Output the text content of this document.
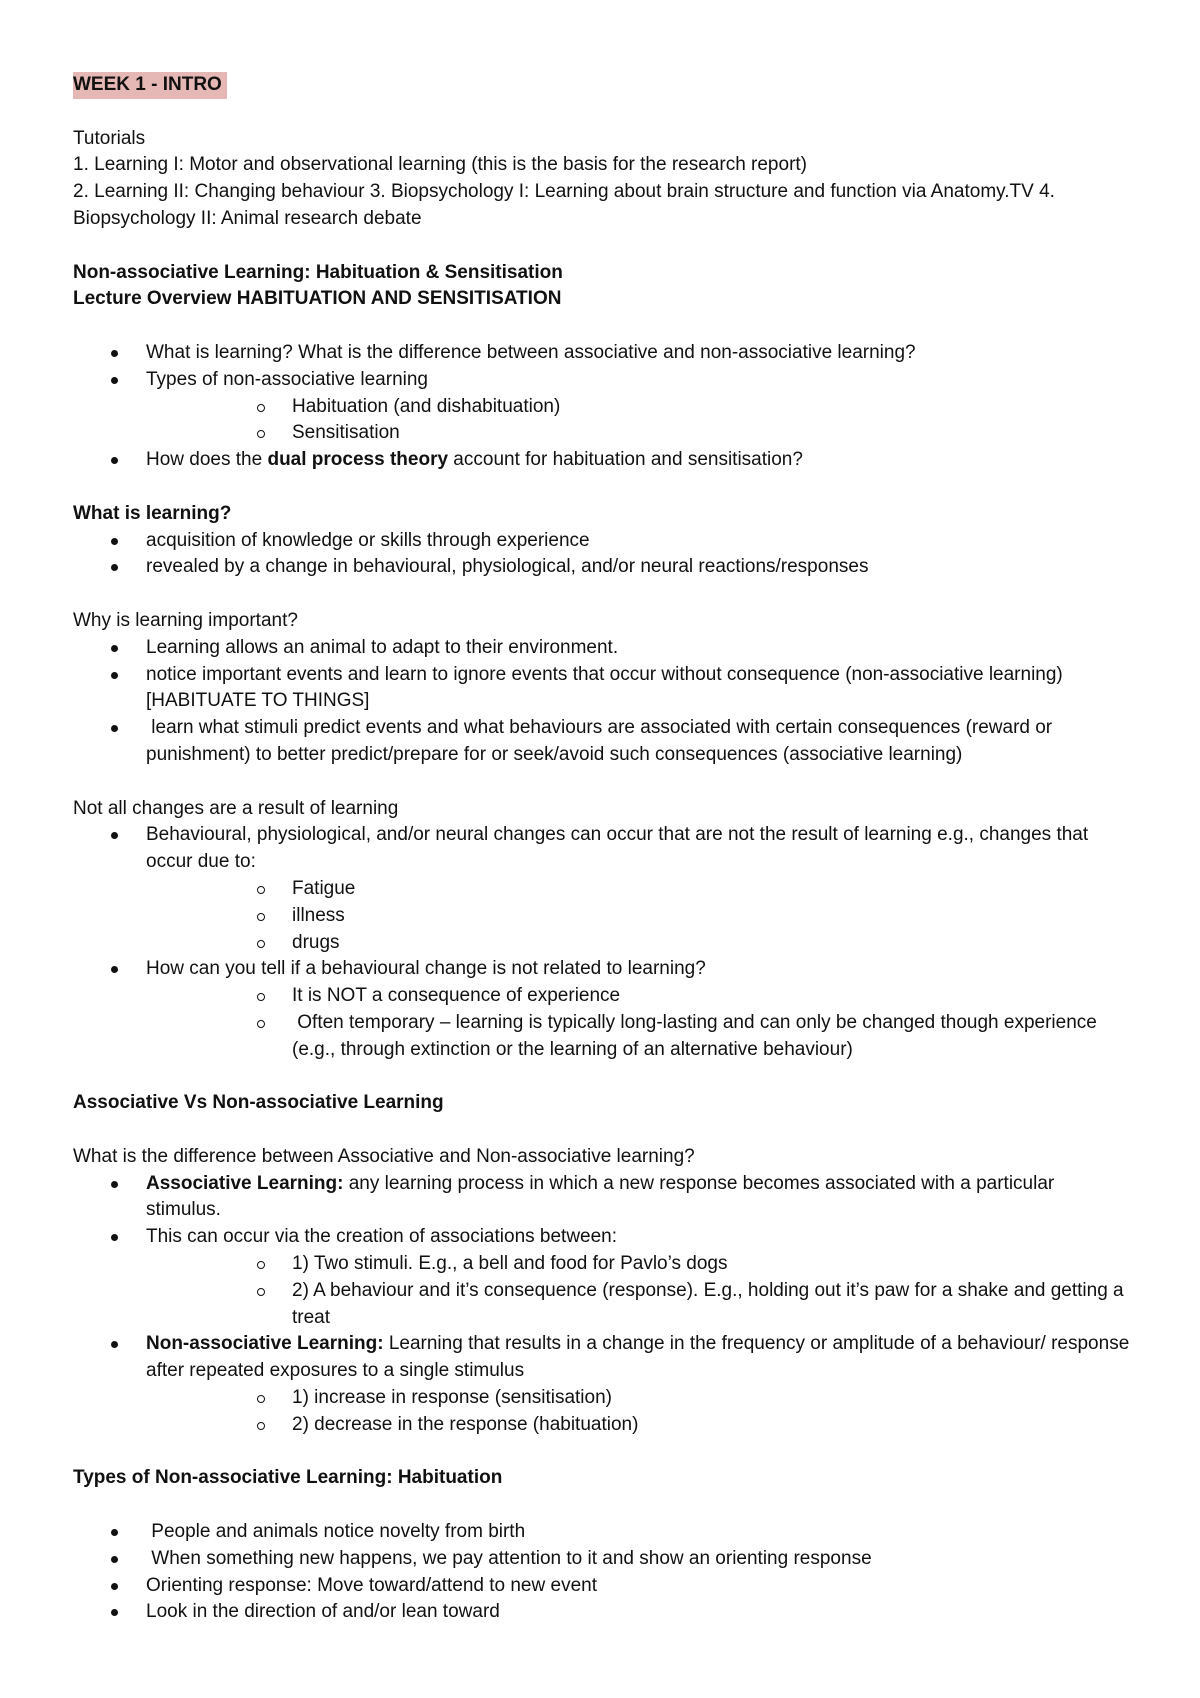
WEEK 1 - INTRO

Tutorials

1. Learning I: Motor and observational learning (this is the basis for the research report)

2. Learning II: Changing behaviour 3. Biopsychology I: Learning about brain structure and function via Anatomy.TV 4.

Biopsychology II: Animal research debate

Non-associative Learning: Habituation & Sensitisation

Lecture Overview HABITUATION AND SENSITISATION

What is learning? What is the difference between associative and non-associative learning?
Types of non-associative learning
Habituation (and dishabituation)
Sensitisation
How does the dual process theory account for habituation and sensitisation?

What is learning?

acquisition of knowledge or skills through experience
revealed by a change in behavioural, physiological, and/or neural reactions/responses

Why is learning important?

Learning allows an animal to adapt to their environment.
notice important events and learn to ignore events that occur without consequence (non-associative learning) [HABITUATE TO THINGS]
learn what stimuli predict events and what behaviours are associated with certain consequences (reward or punishment) to better predict/prepare for or seek/avoid such consequences (associative learning)

Not all changes are a result of learning

Behavioural, physiological, and/or neural changes can occur that are not the result of learning e.g., changes that occur due to:
Fatigue
illness
drugs
How can you tell if a behavioural change is not related to learning?
It is NOT a consequence of experience
Often temporary – learning is typically long-lasting and can only be changed though experience (e.g., through extinction or the learning of an alternative behaviour)

Associative Vs Non-associative Learning

What is the difference between Associative and Non-associative learning?

Associative Learning: any learning process in which a new response becomes associated with a particular stimulus.
This can occur via the creation of associations between:
1) Two stimuli. E.g., a bell and food for Pavlo’s dogs
2) A behaviour and it’s consequence (response). E.g., holding out it’s paw for a shake and getting a treat
Non-associative Learning: Learning that results in a change in the frequency or amplitude of a behaviour/ response after repeated exposures to a single stimulus
1) increase in response (sensitisation)
2) decrease in the response (habituation)

Types of Non-associative Learning: Habituation

People and animals notice novelty from birth
When something new happens, we pay attention to it and show an orienting response
Orienting response: Move toward/attend to new event
Look in the direction of and/or lean toward
